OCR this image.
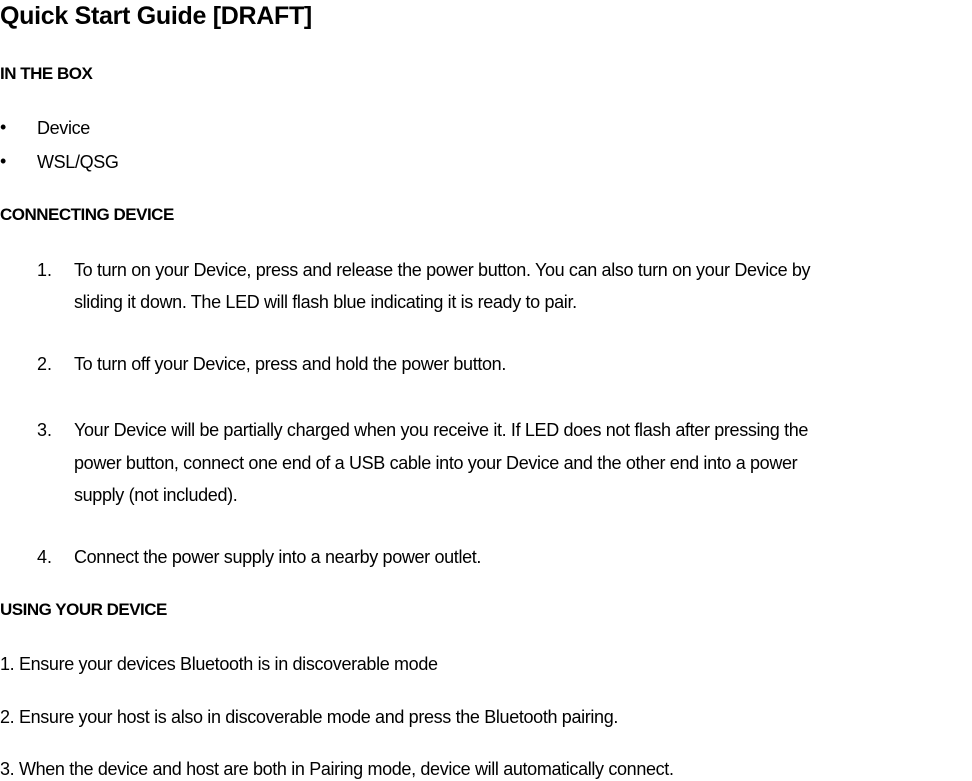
Quick Start Guide [DRAFT]
IN THE BOX
• Device
• WSL/QSG
CONNECTING DEVICE
1. To turn on your Device, press and release the power button. You can also turn on your Device by
sliding it down. The LED will flash blue indicating it is ready to pair.
2. To turn off your Device, press and hold the power button.
3. Your Device will be partially charged when you receive it. If LED does not flash after pressing the
power button, connect one end of a USB cable into your Device and the other end into a power
supply (not included).
4. Connect the power supply into a nearby power outlet.
USING YOUR DEVICE
1. Ensure your devices Bluetooth is in discoverable mode
2. Ensure your host is also in discoverable mode and press the Bluetooth pairing.
3. When the device and host are both in Pairing mode, device will automatically connect.
